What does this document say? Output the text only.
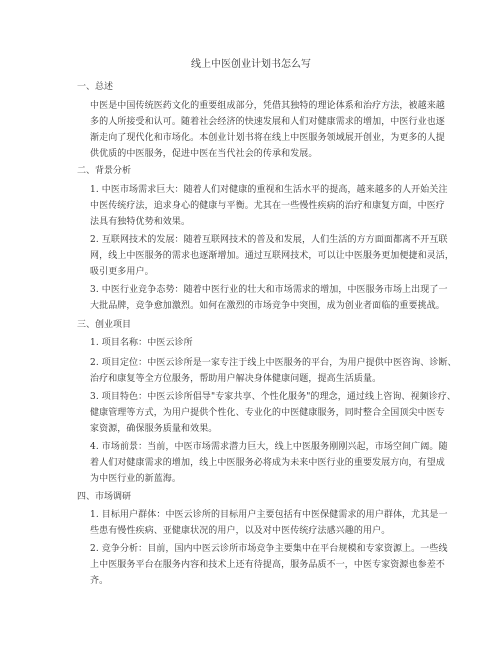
线上中医创业计划书怎么写
一、总述
中医是中国传统医药文化的重要组成部分，凭借其独特的理论体系和治疗方法，被越来越
多的人所接受和认可。随着社会经济的快速发展和人们对健康需求的增加，中医行业也逐
渐走向了现代化和市场化。本创业计划书将在线上中医服务领域展开创业，为更多的人提
供优质的中医服务，促进中医在当代社会的传承和发展。
二、背景分析
1. 中医市场需求巨大：随着人们对健康的重视和生活水平的提高，越来越多的人开始关注
中医传统疗法，追求身心的健康与平衡。尤其在一些慢性疾病的治疗和康复方面，中医疗
法具有独特优势和效果。
2. 互联网技术的发展：随着互联网技术的普及和发展，人们生活的方方面面都离不开互联
网，线上中医服务的需求也逐渐增加。通过互联网技术，可以让中医服务更加便捷和灵活，
吸引更多用户。
3. 中医行业竞争态势：随着中医行业的壮大和市场需求的增加，中医服务市场上出现了一
大批品牌，竞争愈加激烈。如何在激烈的市场竞争中突围，成为创业者面临的重要挑战。
三、创业项目
1. 项目名称：中医云诊所
2. 项目定位：中医云诊所是一家专注于线上中医服务的平台，为用户提供中医咨询、诊断、
治疗和康复等全方位服务，帮助用户解决身体健康问题，提高生活质量。
3. 项目特色：中医云诊所倡导"专家共享、个性化服务"的理念，通过线上咨询、视频诊疗、
健康管理等方式，为用户提供个性化、专业化的中医健康服务，同时整合全国顶尖中医专
家资源，确保服务质量和效果。
4. 市场前景：当前，中医市场需求潜力巨大，线上中医服务刚刚兴起，市场空间广阔。随
着人们对健康需求的增加，线上中医服务必将成为未来中医行业的重要发展方向，有望成
为中医行业的新蓝海。
四、市场调研
1. 目标用户群体：中医云诊所的目标用户主要包括有中医保健需求的用户群体，尤其是一
些患有慢性疾病、亚健康状况的用户，以及对中医传统疗法感兴趣的用户。
2. 竞争分析：目前，国内中医云诊所市场竞争主要集中在平台规模和专家资源上。一些线
上中医服务平台在服务内容和技术上还有待提高，服务品质不一，中医专家资源也参差不
齐。
